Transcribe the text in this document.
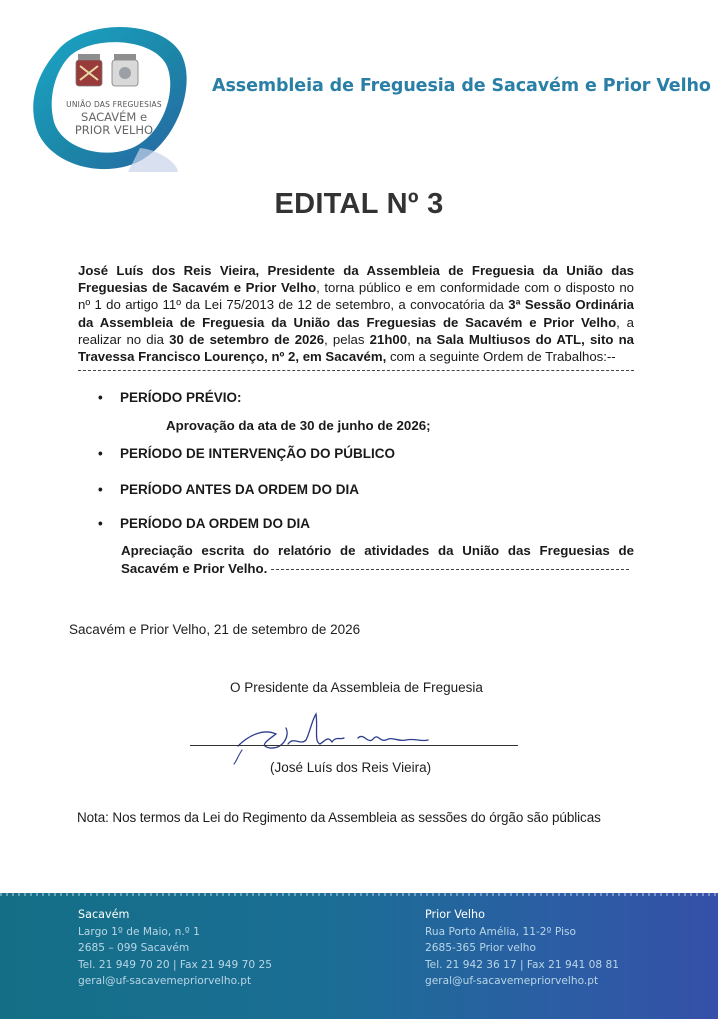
UNIÃO DAS FREGUESIAS
SACAVÉM e
PRIOR VELHO
Assembleia de Freguesia de Sacavém e Prior Velho
EDITAL Nº 3
José Luís dos Reis Vieira, Presidente da Assembleia de Freguesia da União das Freguesias de Sacavém e Prior Velho, torna público e em conformidade com o disposto no nº 1 do artigo 11º da Lei 75/2013 de 12 de setembro, a convocatória da 3ª Sessão Ordinária da Assembleia de Freguesia da União das Freguesias de Sacavém e Prior Velho, a realizar no dia 30 de setembro de 2026, pelas 21h00, na Sala Multiusos do ATL, sito na Travessa Francisco Lourenço, nº 2, em Sacavém, com a seguinte Ordem de Trabalhos:--
PERÍODO PRÉVIO:
Aprovação da ata de 30 de junho de 2026;
PERÍODO DE INTERVENÇÃO DO PÚBLICO
PERÍODO ANTES DA ORDEM DO DIA
PERÍODO DA ORDEM DO DIA
Apreciação escrita do relatório de atividades da União das Freguesias de Sacavém e Prior Velho.
Sacavém e Prior Velho, 21 de setembro de 2026
O Presidente da Assembleia de Freguesia
(José Luís dos Reis Vieira)
Nota: Nos termos da Lei do Regimento da Assembleia as sessões do órgão são públicas
Sacavém
Largo 1º de Maio, n.º 1
2685 – 099 Sacavém
Tel. 21 949 70 20 | Fax 21 949 70 25
geral@uf-sacavemepriorvelho.pt
Prior Velho
Rua Porto Amélia, 11-2º Piso
2685-365 Prior velho
Tel. 21 942 36 17 | Fax 21 941 08 81
geral@uf-sacavemepriorvelho.pt
